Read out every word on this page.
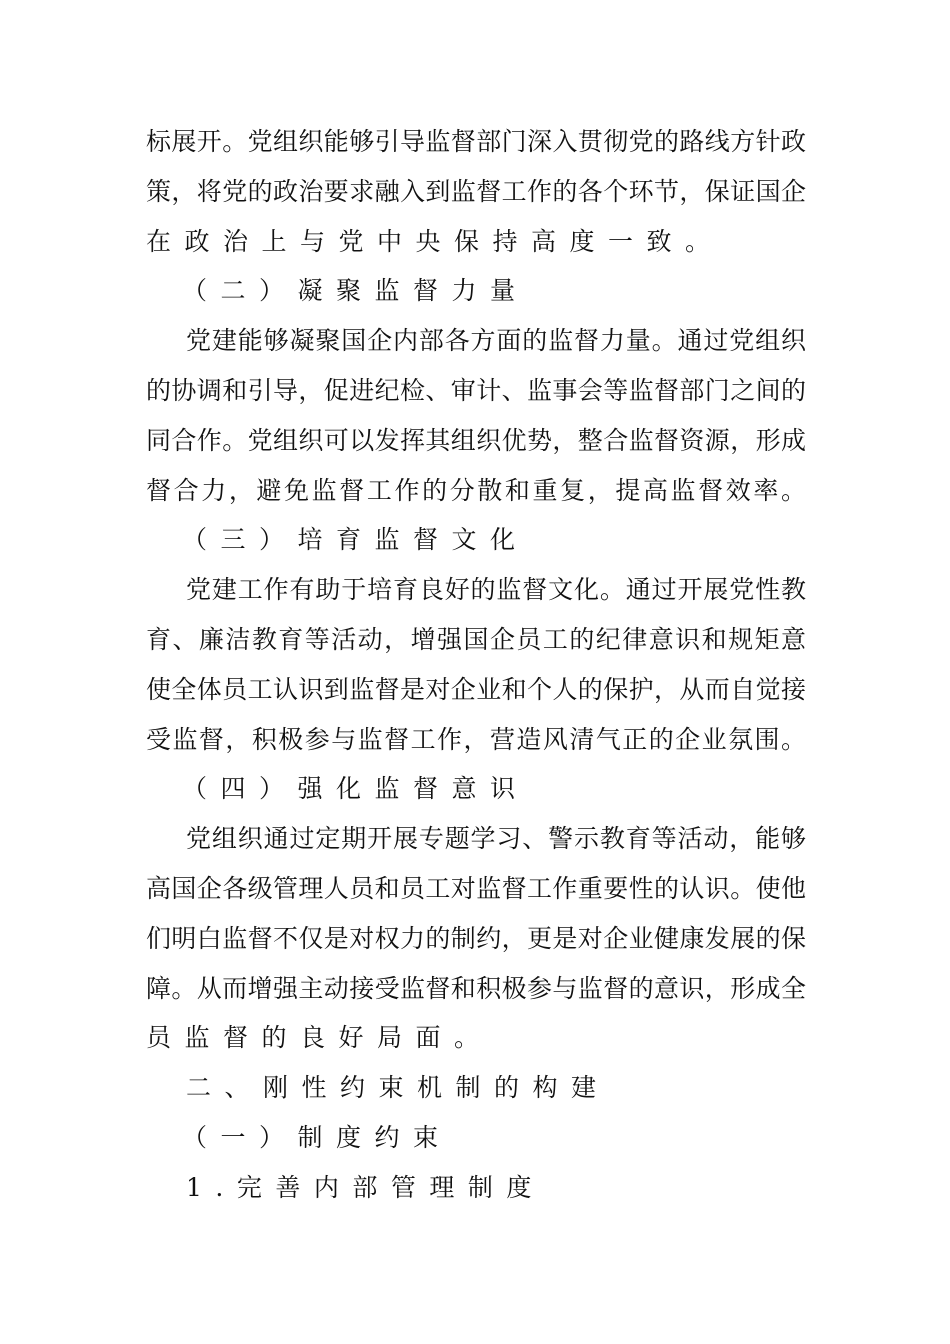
标展开。党组织能够引导监督部门深入贯彻党的路线方针政
策，将党的政治要求融入到监督工作的各个环节，保证国企
在政治上与党中央保持高度一致。
（二）凝聚监督力量
党建能够凝聚国企内部各方面的监督力量。通过党组织
的协调和引导，促进纪检、审计、监事会等监督部门之间的
同合作。党组织可以发挥其组织优势，整合监督资源，形成
督合力，避免监督工作的分散和重复，提高监督效率。
（三）培育监督文化
党建工作有助于培育良好的监督文化。通过开展党性教
育、廉洁教育等活动，增强国企员工的纪律意识和规矩意
使全体员工认识到监督是对企业和个人的保护，从而自觉接
受监督，积极参与监督工作，营造风清气正的企业氛围。
（四）强化监督意识
党组织通过定期开展专题学习、警示教育等活动，能够
高国企各级管理人员和员工对监督工作重要性的认识。使他
们明白监督不仅是对权力的制约，更是对企业健康发展的保
障。从而增强主动接受监督和积极参与监督的意识，形成全
员监督的良好局面。
二、刚性约束机制的构建
（一）制度约束
1.完善内部管理制度
